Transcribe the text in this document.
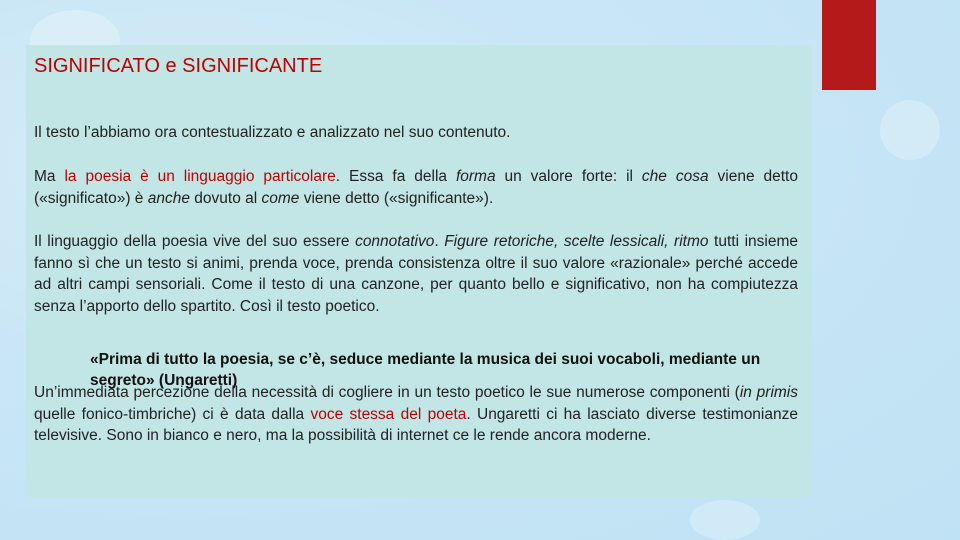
SIGNIFICATO e SIGNIFICANTE
Il testo l’abbiamo ora contestualizzato e analizzato nel suo contenuto.
Ma la poesia è un linguaggio particolare. Essa fa della forma un valore forte: il che cosa viene detto («significato») è anche dovuto al come viene detto («significante»).
Il linguaggio della poesia vive del suo essere connotativo. Figure retoriche, scelte lessicali, ritmo tutti insieme fanno sì che un testo si animi, prenda voce, prenda consistenza oltre il suo valore «razionale» perché accede ad altri campi sensoriali. Come il testo di una canzone, per quanto bello e significativo, non ha compiutezza senza l’apporto dello spartito. Così il testo poetico.
«Prima di tutto la poesia, se c’è, seduce mediante la musica dei suoi vocaboli, mediante un segreto» (Ungaretti)
Un’immediata percezione della necessità di cogliere in un testo poetico le sue numerose componenti (in primis quelle fonico-timbriche) ci è data dalla voce stessa del poeta. Ungaretti ci ha lasciato diverse testimonianze televisive. Sono in bianco e nero, ma la possibilità di internet ce le rende ancora moderne.
